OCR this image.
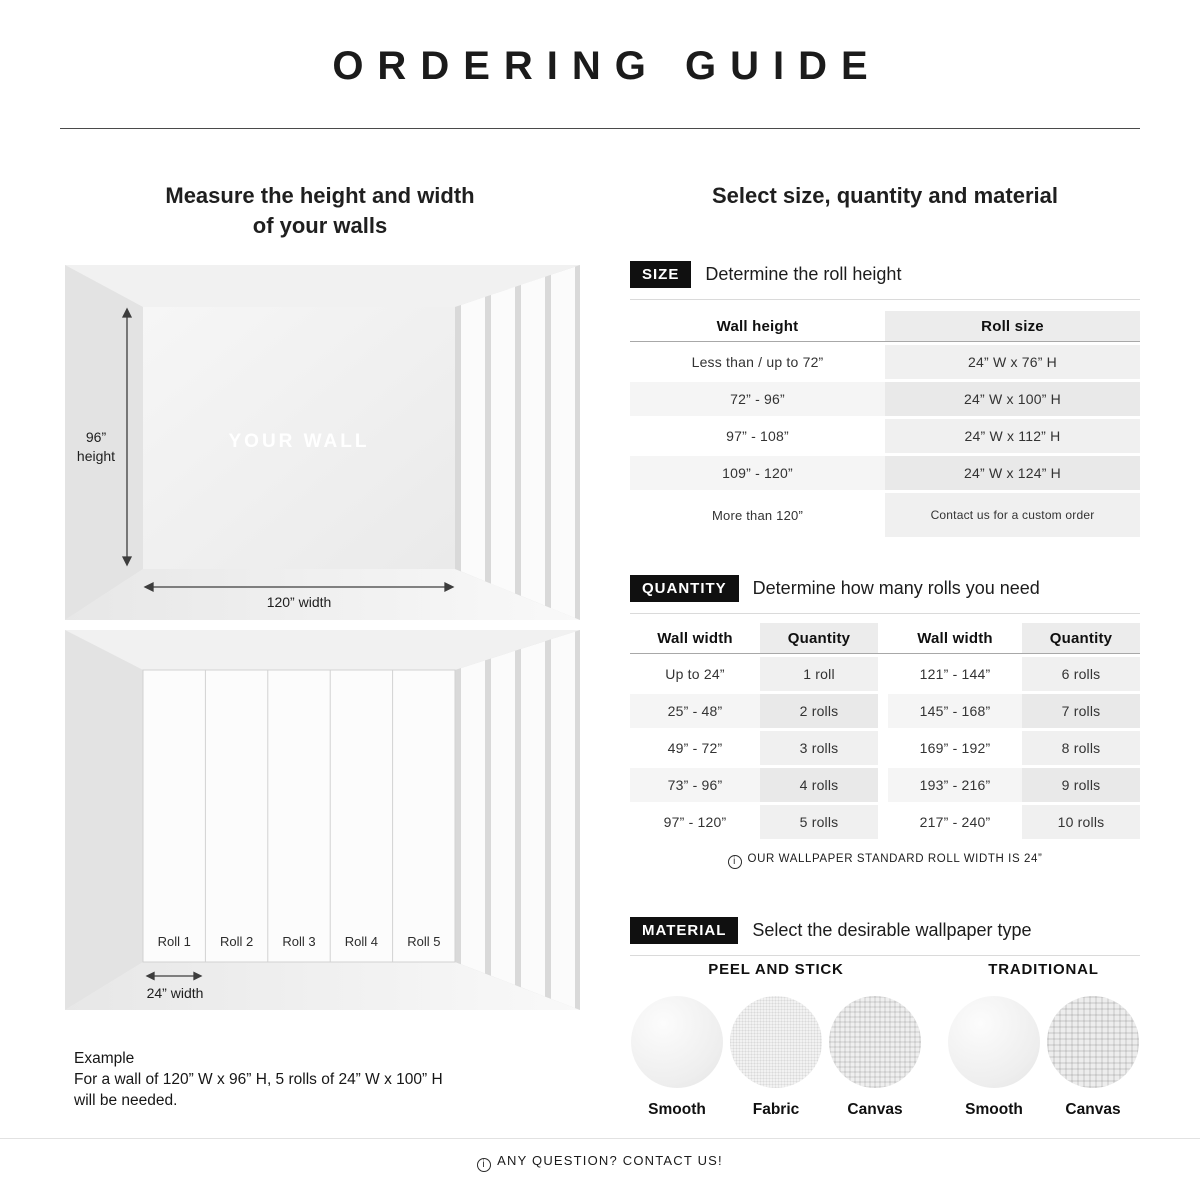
ORDERING GUIDE
Measure the height and width
of your walls
YOUR WALL
96”
height
120” width
Roll 1	Roll 2	Roll 3	Roll 4	Roll 5
24” width
Example
For a wall of 120” W x 96” H, 5 rolls of 24” W x 100” H
will be needed.
Select size, quantity and material
SIZE	Determine the roll height
Wall height	Roll size
Less than / up to 72”	24” W x 76” H
72” - 96”	24” W x 100” H
97” - 108”	24” W x 112” H
109” - 120”	24” W x 124” H
More than 120”	Contact us for a custom order
QUANTITY	Determine how many rolls you need
Wall width	Quantity	Wall width	Quantity
Up to 24”	1 roll	121” - 144”	6 rolls
25” - 48”	2 rolls	145” - 168”	7 rolls
49” - 72”	3 rolls	169” - 192”	8 rolls
73” - 96”	4 rolls	193” - 216”	9 rolls
97” - 120”	5 rolls	217” - 240”	10 rolls
i OUR WALLPAPER STANDARD ROLL WIDTH IS 24”
MATERIAL	Select the desirable wallpaper type
PEEL AND STICK
Smooth	Fabric	Canvas
TRADITIONAL
Smooth	Canvas
i ANY QUESTION? CONTACT US!
